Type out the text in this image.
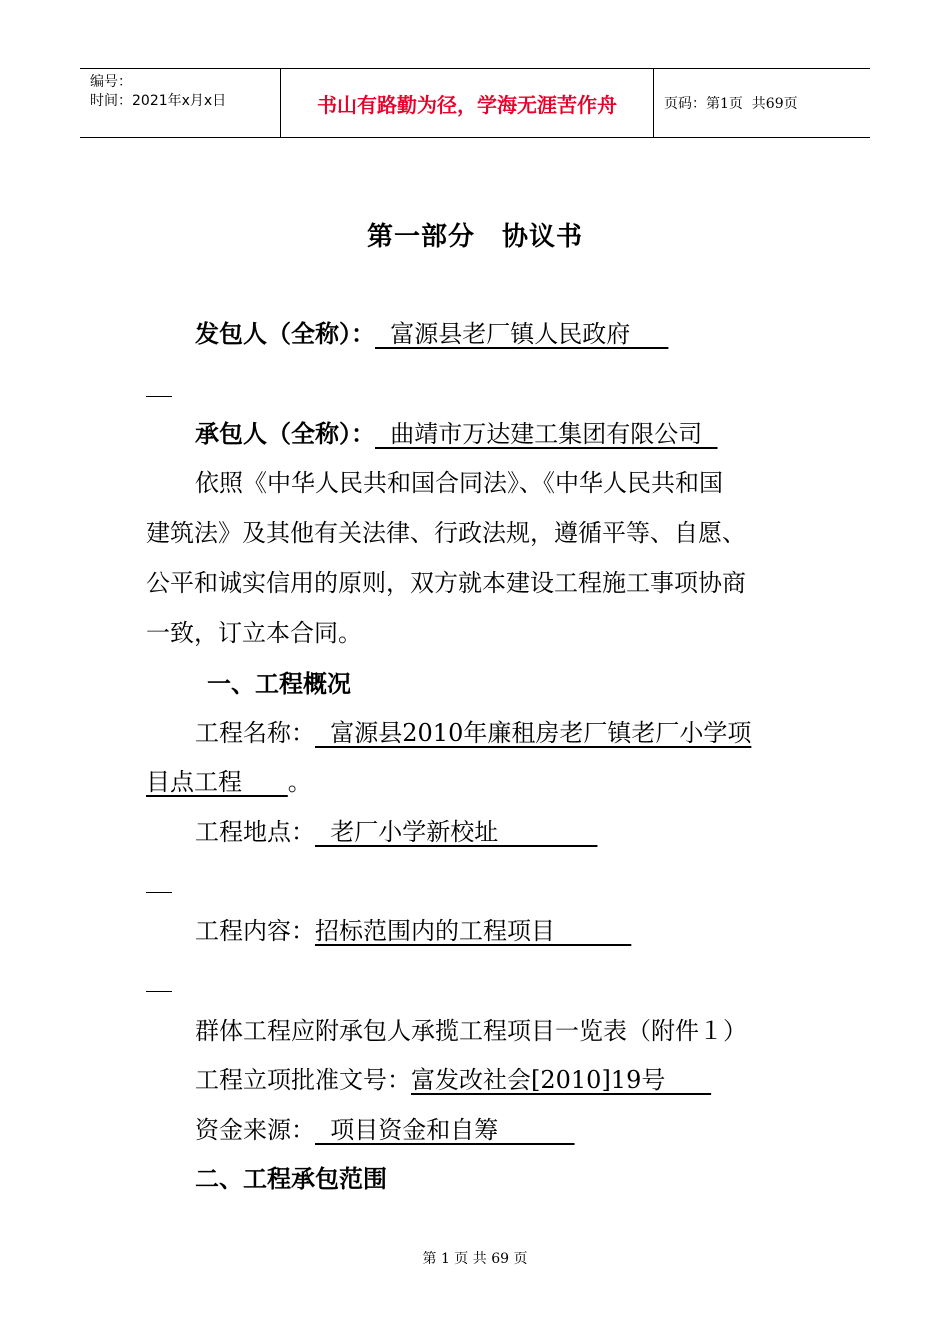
编号：
时间：2021年x月x日	书山有路勤为径，学海无涯苦作舟	页码：第1页  共69页
第一部分　协议书
发包人（全称）：  富源县老厂镇人民政府
承包人（全称）：  曲靖市万达建工集团有限公司
依照《中华人民共和国合同法》、《中华人民共和国
建筑法》及其他有关法律、行政法规，遵循平等、自愿、
公平和诚实信用的原则，双方就本建设工程施工事项协商
一致，订立本合同。
一、工程概况
工程名称：  富源县2010年廉租房老厂镇老厂小学项
目点工程      。
工程地点：  老厂小学新校址
工程内容：招标范围内的工程项目
群体工程应附承包人承揽工程项目一览表（附件１）
工程立项批准文号：富发改社会[2010]19号
资金来源：  项目资金和自筹
二、工程承包范围
第 1 页 共 69 页
